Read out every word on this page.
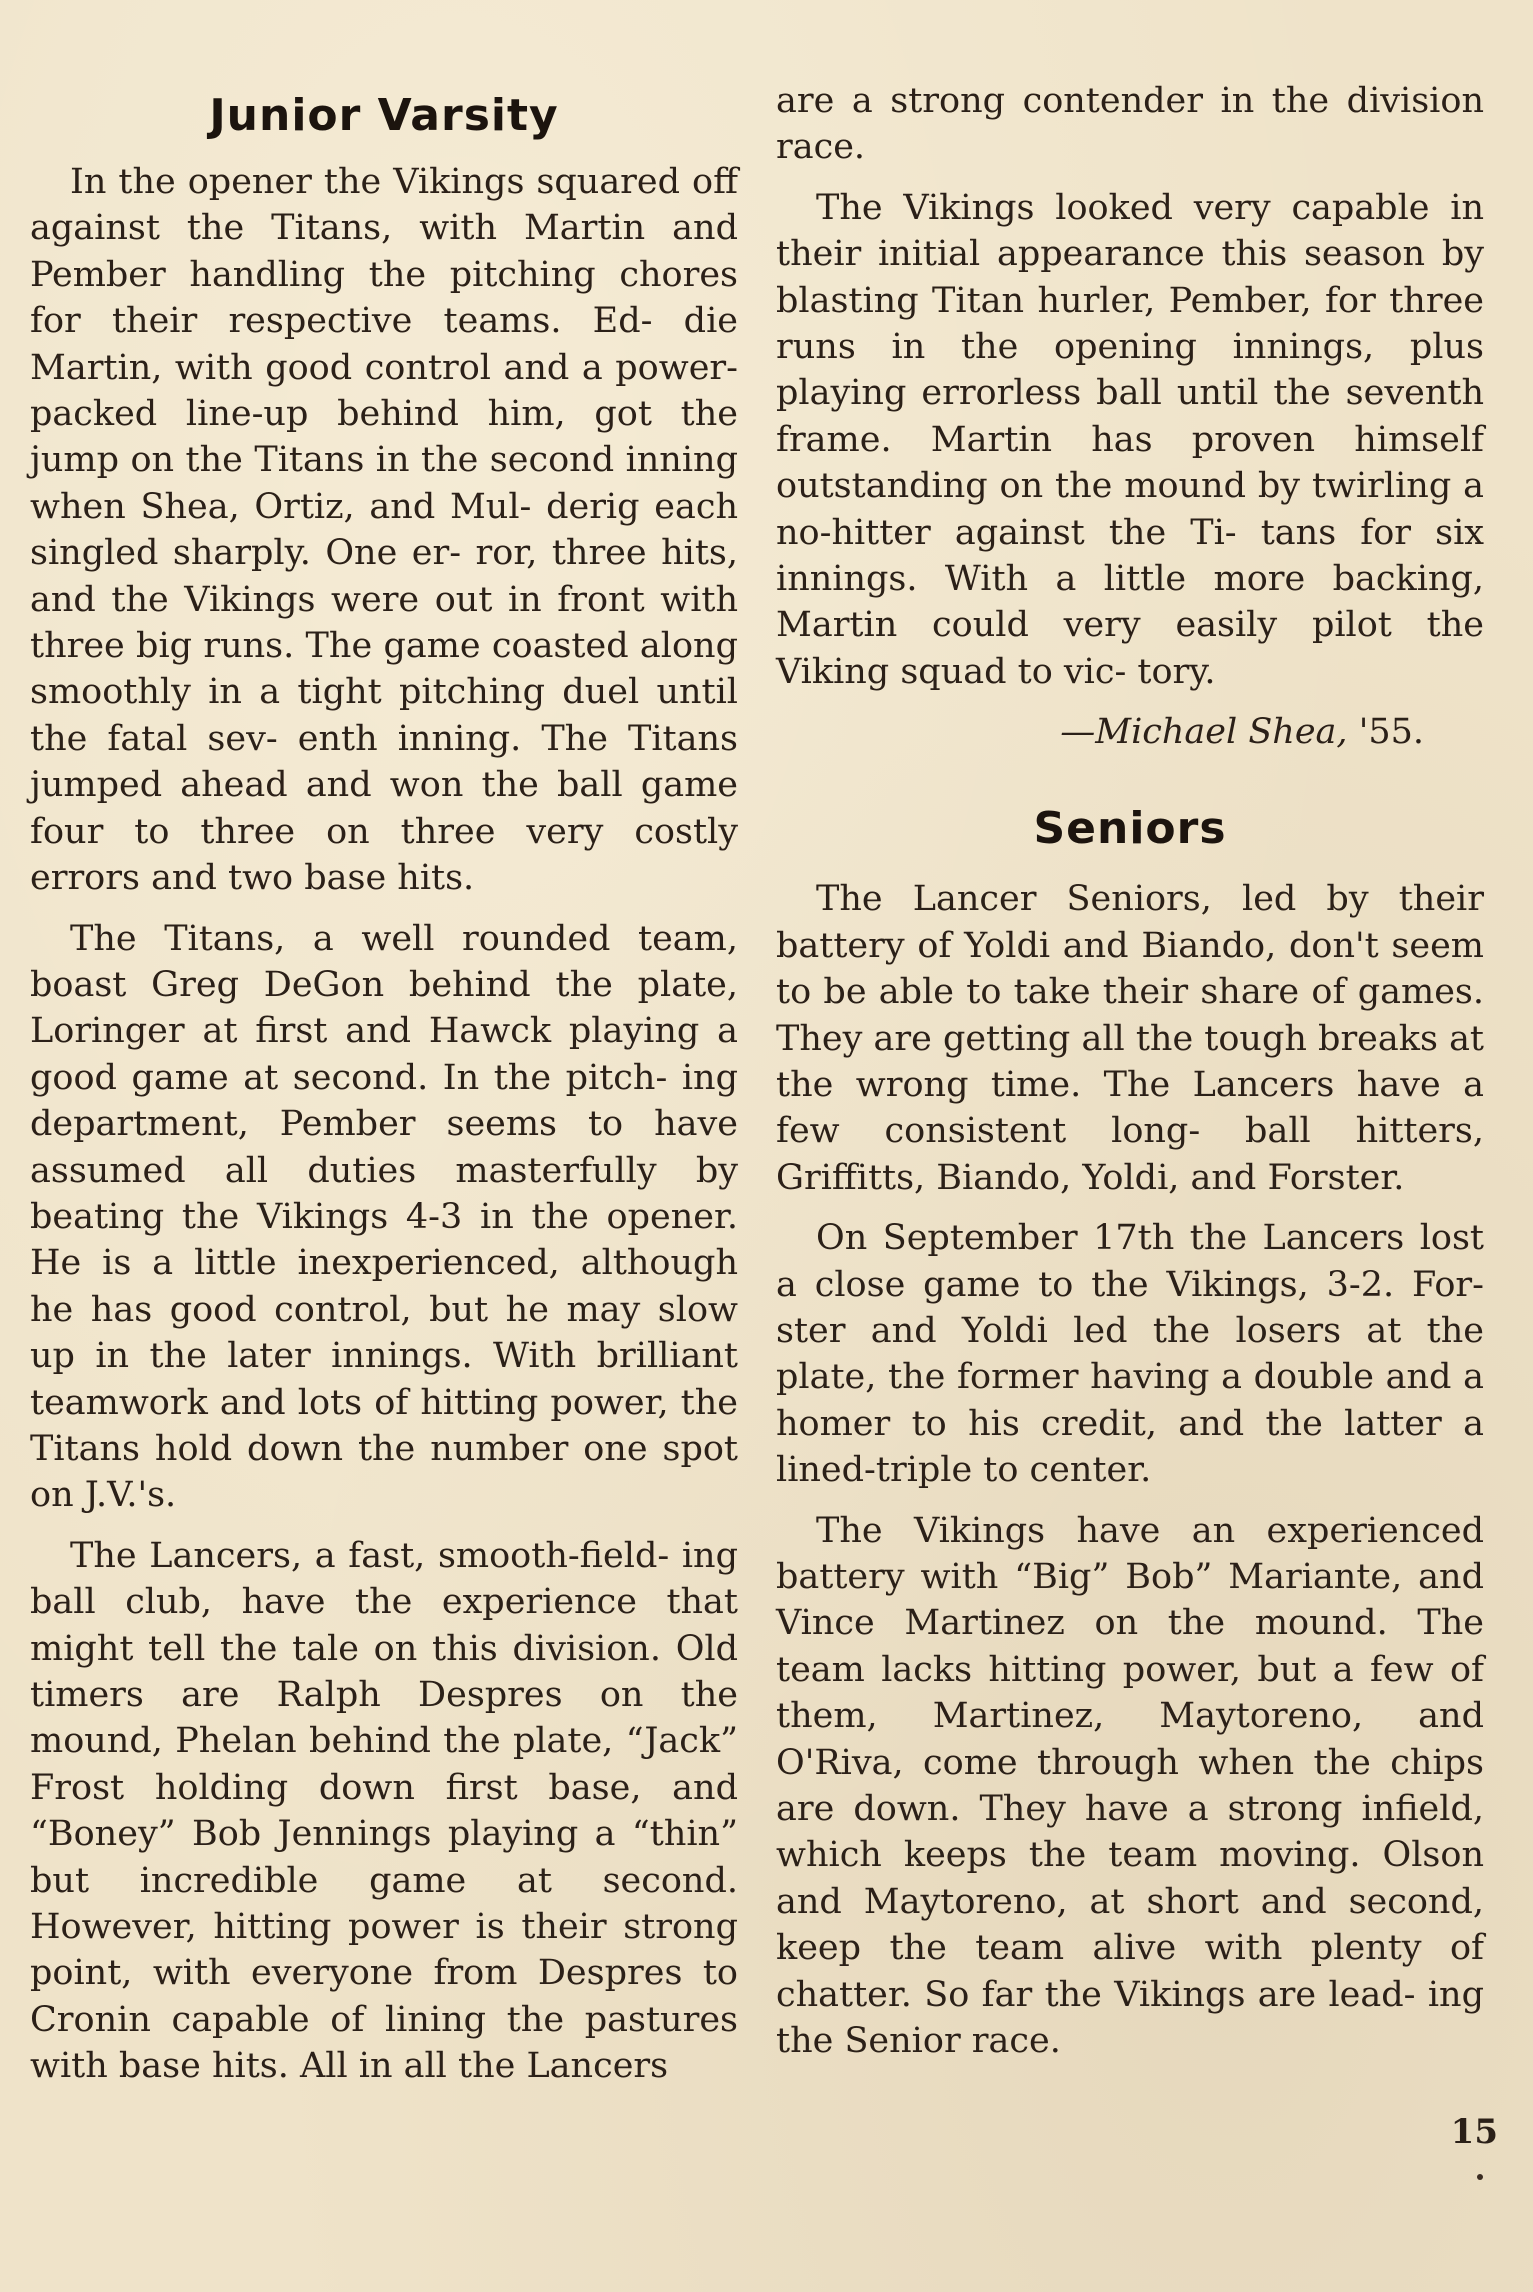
Junior Varsity

In the opener the Vikings squared off against the Titans, with Martin and Pember handling the pitching chores for their respective teams. Ed- die Martin, with good control and a power-packed line-up behind him, got the jump on the Titans in the second inning when Shea, Ortiz, and Mul- derig each singled sharply. One er- ror, three hits, and the Vikings were out in front with three big runs. The game coasted along smoothly in a tight pitching duel until the fatal sev- enth inning. The Titans jumped ahead and won the ball game four to three on three very costly errors and two base hits.

The Titans, a well rounded team, boast Greg DeGon behind the plate, Loringer at first and Hawck playing a good game at second. In the pitch- ing department, Pember seems to have assumed all duties masterfully by beating the Vikings 4-3 in the opener. He is a little inexperienced, although he has good control, but he may slow up in the later innings. With brilliant teamwork and lots of hitting power, the Titans hold down the number one spot on J.V.'s.

The Lancers, a fast, smooth-field- ing ball club, have the experience that might tell the tale on this division. Old timers are Ralph Despres on the mound, Phelan behind the plate, “Jack” Frost holding down first base, and “Boney” Bob Jennings playing a “thin” but incredible game at second. However, hitting power is their strong point, with everyone from Despres to Cronin capable of lining the pastures with base hits. All in all the Lancers

are a strong contender in the division race.

The Vikings looked very capable in their initial appearance this season by blasting Titan hurler, Pember, for three runs in the opening innings, plus playing errorless ball until the seventh frame. Martin has proven himself outstanding on the mound by twirling a no-hitter against the Ti- tans for six innings. With a little more backing, Martin could very easily pilot the Viking squad to vic- tory.

—Michael Shea, '55.

Seniors

The Lancer Seniors, led by their battery of Yoldi and Biando, don't seem to be able to take their share of games. They are getting all the tough breaks at the wrong time. The Lancers have a few consistent long- ball hitters, Griffitts, Biando, Yoldi, and Forster.

On September 17th the Lancers lost a close game to the Vikings, 3-2. For- ster and Yoldi led the losers at the plate, the former having a double and a homer to his credit, and the latter a lined-triple to center.

The Vikings have an experienced battery with “Big” Bob” Mariante, and Vince Martinez on the mound. The team lacks hitting power, but a few of them, Martinez, Maytoreno, and O'Riva, come through when the chips are down. They have a strong infield, which keeps the team moving. Olson and Maytoreno, at short and second, keep the team alive with plenty of chatter. So far the Vikings are lead- ing the Senior race.

15
